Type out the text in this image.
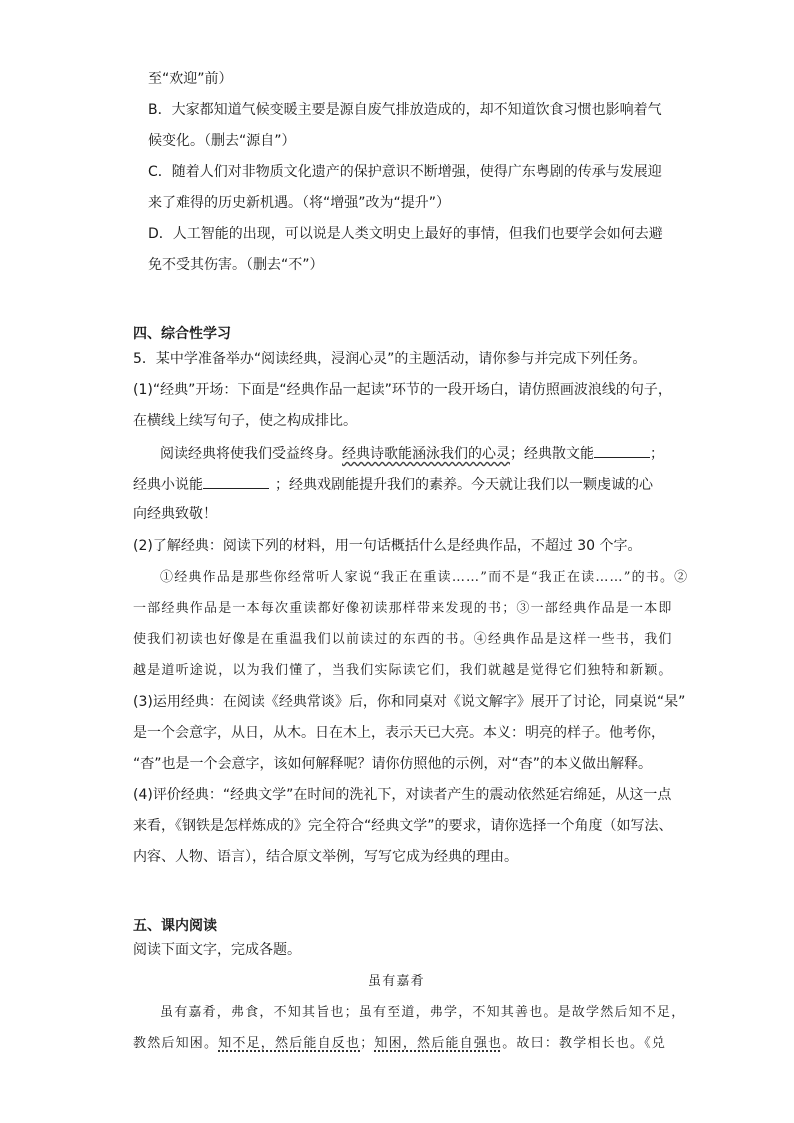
至“欢迎”前）
B．大家都知道气候变暖主要是源自废气排放造成的，却不知道饮食习惯也影响着气
候变化。（删去“源自”）
C．随着人们对非物质文化遗产的保护意识不断增强，使得广东粤剧的传承与发展迎
来了难得的历史新机遇。（将“增强”改为“提升”）
D．人工智能的出现，可以说是人类文明史上最好的事情，但我们也要学会如何去避
免不受其伤害。（删去“不”）
四、综合性学习
5．某中学准备举办“阅读经典，浸润心灵”的主题活动，请你参与并完成下列任务。
(1)“经典”开场：下面是“经典作品一起读”环节的一段开场白，请仿照画波浪线的句子，
在横线上续写句子，使之构成排比。
阅读经典将使我们受益终身。经典诗歌能涵泳我们的心灵；经典散文能	；
经典小说能	；经典戏剧能提升我们的素养。今天就让我们以一颗虔诚的心
向经典致敬！
(2)了解经典：阅读下列的材料，用一句话概括什么是经典作品，不超过 30 个字。
①经典作品是那些你经常听人家说“我正在重读……”而不是“我正在读……”的书。②
一部经典作品是一本每次重读都好像初读那样带来发现的书；③一部经典作品是一本即
使我们初读也好像是在重温我们以前读过的东西的书。④经典作品是这样一些书，我们
越是道听途说，以为我们懂了，当我们实际读它们，我们就越是觉得它们独特和新颖。
(3)运用经典：在阅读《经典常谈》后，你和同桌对《说文解字》展开了讨论，同桌说“杲”
是一个会意字，从日，从木。日在木上，表示天已大亮。本义：明亮的样子。他考你，
“杳”也是一个会意字，该如何解释呢？请你仿照他的示例，对“杳”的本义做出解释。
(4)评价经典：“经典文学”在时间的洗礼下，对读者产生的震动依然延宕绵延，从这一点
来看，《钢铁是怎样炼成的》完全符合“经典文学”的要求，请你选择一个角度（如写法、
内容、人物、语言），结合原文举例，写写它成为经典的理由。
五、课内阅读
阅读下面文字，完成各题。
虽有嘉肴
虽有嘉肴，弗食，不知其旨也；虽有至道，弗学，不知其善也。是故学然后知不足，
教然后知困。知不足，然后能自反也；知困，然后能自强也。故曰：教学相长也。《兑
